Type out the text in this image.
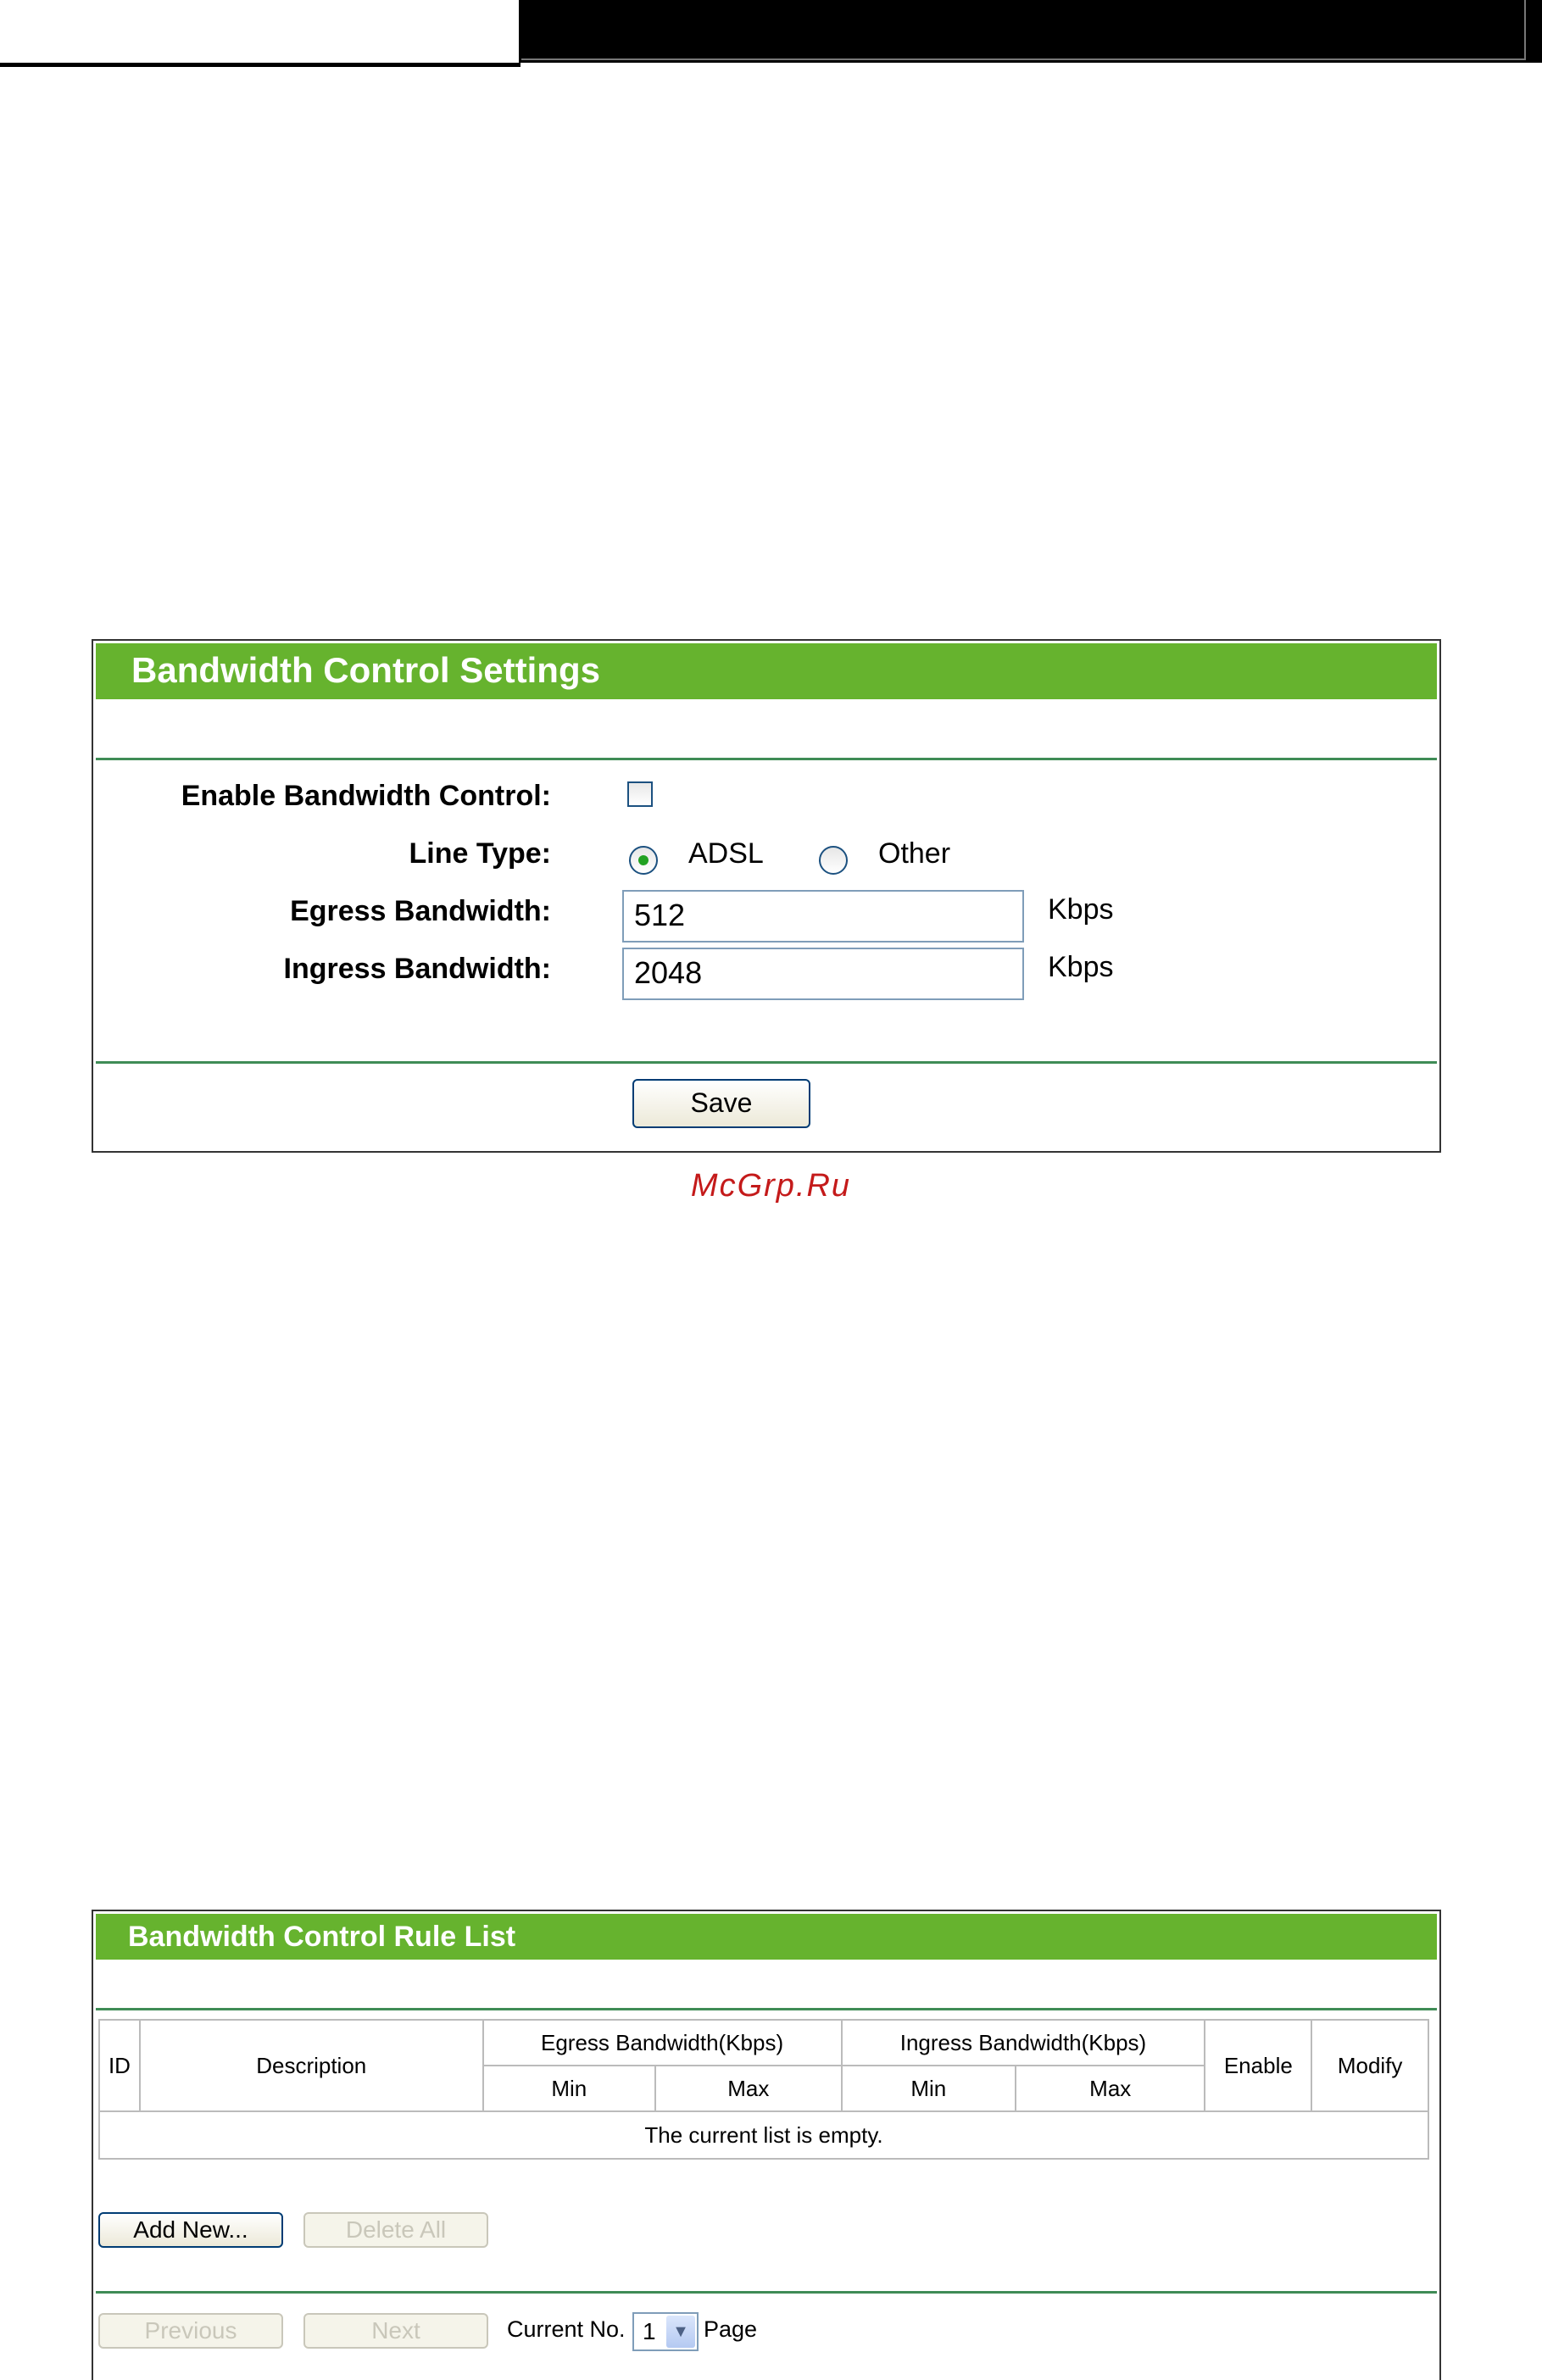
Bandwidth Control Settings
Enable Bandwidth Control:
Line Type:	ADSL	Other
Egress Bandwidth:	512	Kbps
Ingress Bandwidth:	2048	Kbps
Save
McGrp.Ru
Bandwidth Control Rule List
ID	Description	Egress Bandwidth(Kbps)		Ingress Bandwidth(Kbps)		Enable	Modify
		Min	Max	Min	Max		
The current list is empty.							
Add New...	Delete All
Previous	Next	Current No. 1 ▼ Page
